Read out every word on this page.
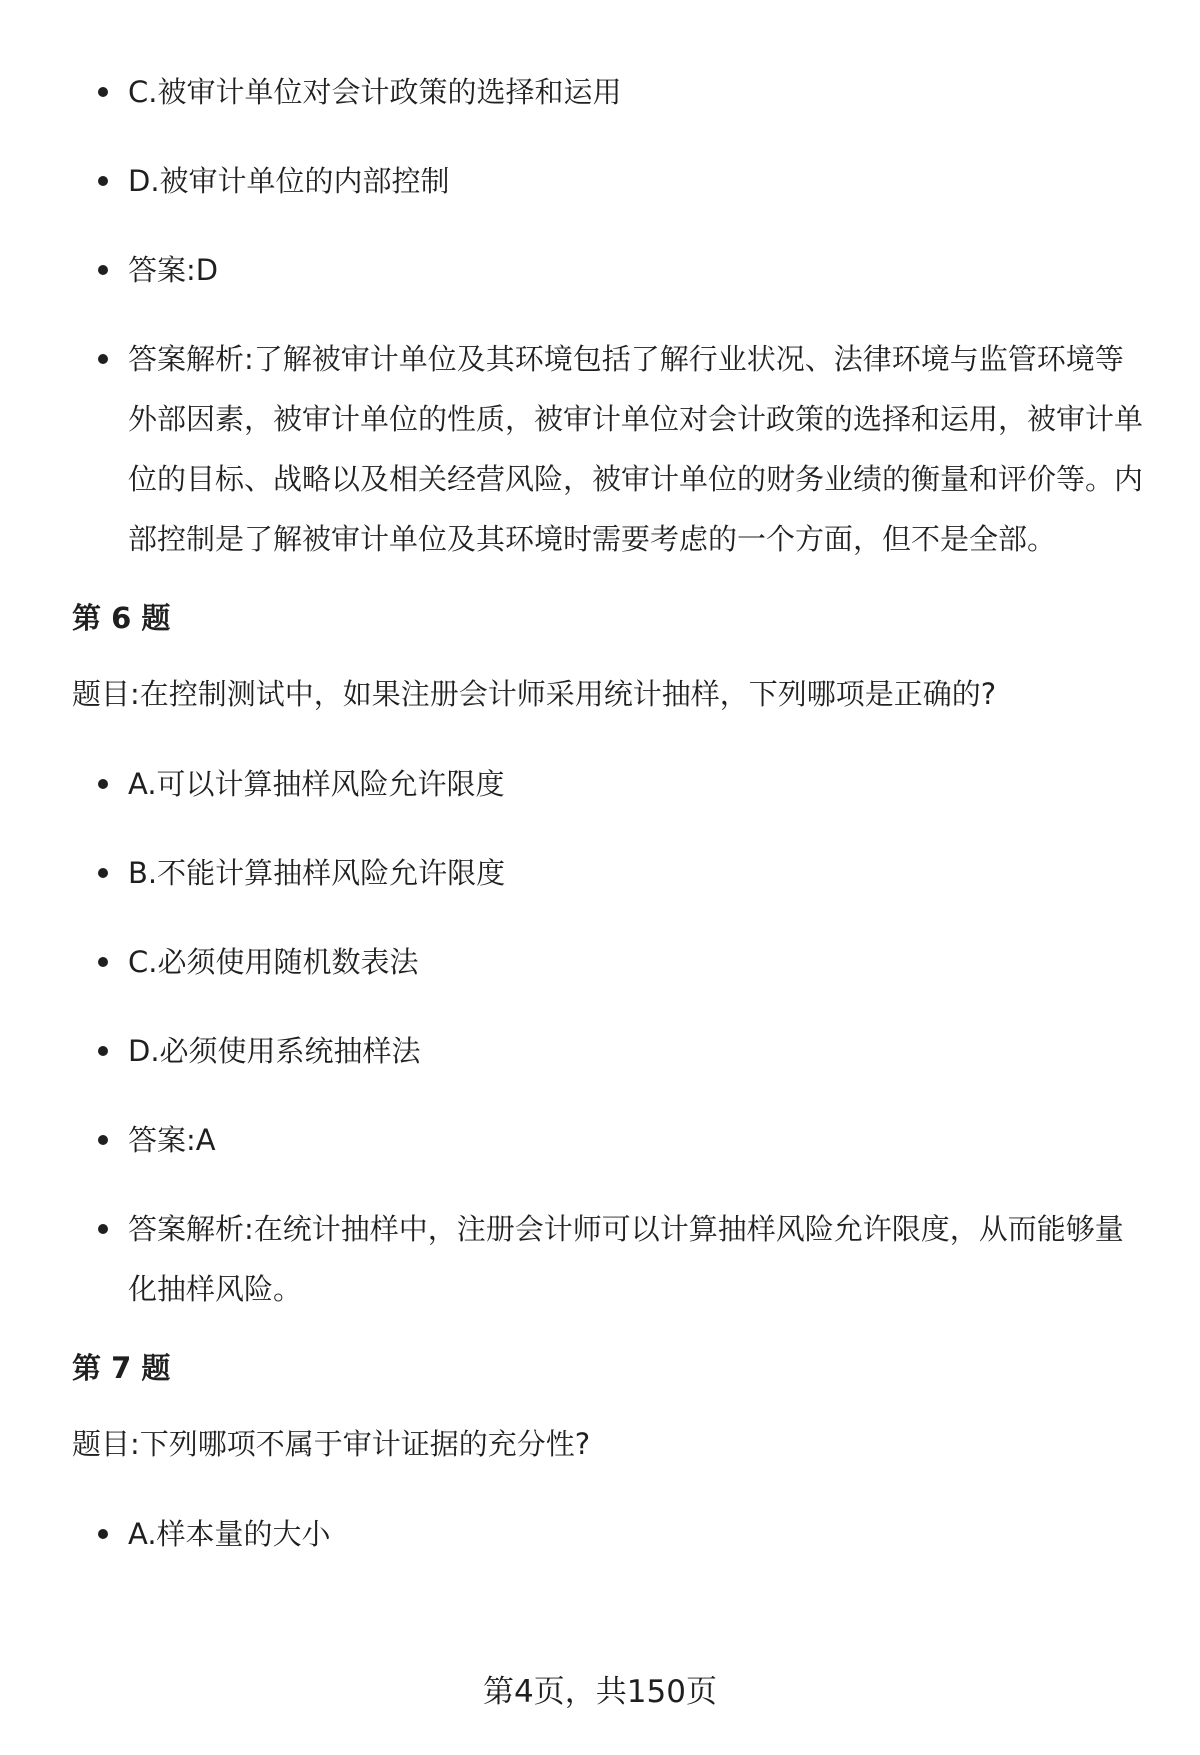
C.被审计单位对会计政策的选择和运用
D.被审计单位的内部控制
答案:D
答案解析:了解被审计单位及其环境包括了解行业状况、法律环境与监管环境等外部因素，被审计单位的性质，被审计单位对会计政策的选择和运用，被审计单位的目标、战略以及相关经营风险，被审计单位的财务业绩的衡量和评价等。内部控制是了解被审计单位及其环境时需要考虑的一个方面，但不是全部。
第 6 题
题目:在控制测试中，如果注册会计师采用统计抽样，下列哪项是正确的?
A.可以计算抽样风险允许限度
B.不能计算抽样风险允许限度
C.必须使用随机数表法
D.必须使用系统抽样法
答案:A
答案解析:在统计抽样中，注册会计师可以计算抽样风险允许限度，从而能够量化抽样风险。
第 7 题
题目:下列哪项不属于审计证据的充分性?
A.样本量的大小
第4页，共150页
